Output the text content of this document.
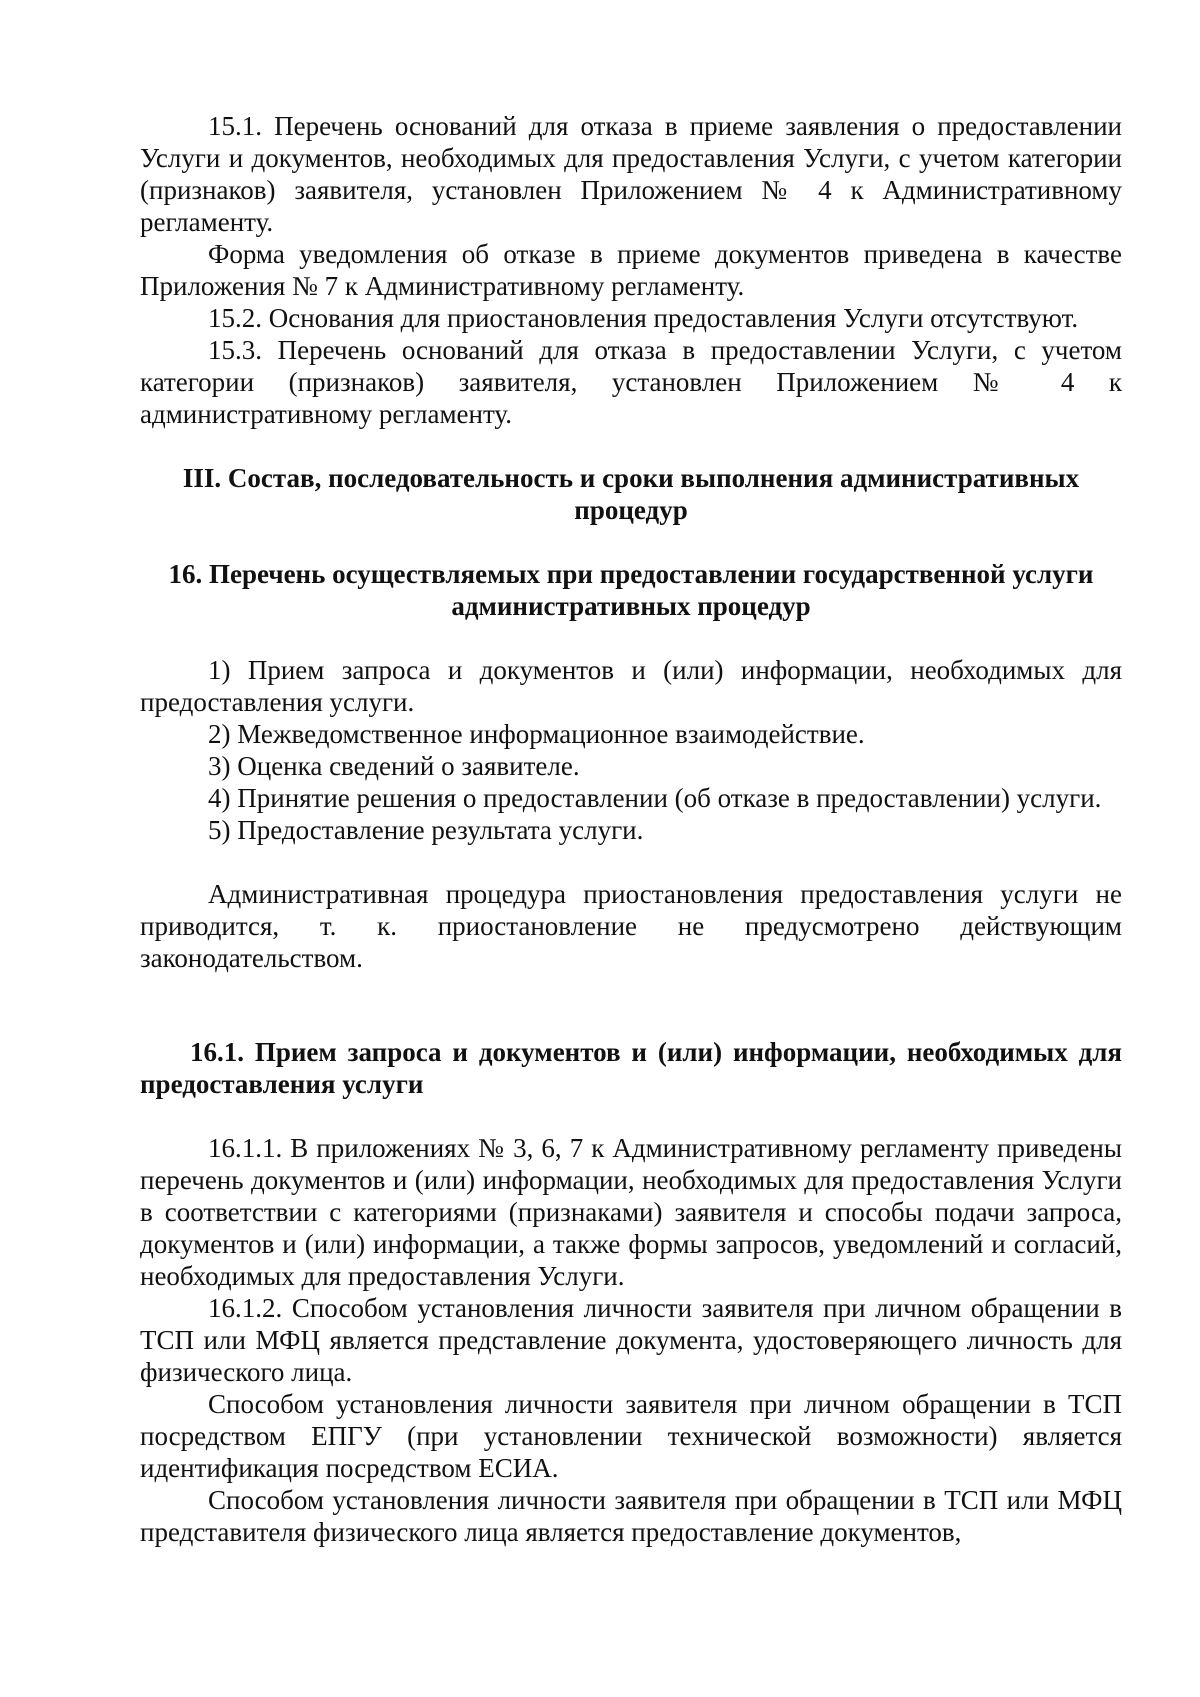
15.1. Перечень оснований для отказа в приеме заявления о предоставлении Услуги и документов, необходимых для предоставления Услуги, с учетом категории (признаков) заявителя, установлен Приложением № 4 к Административному регламенту.

Форма уведомления об отказе в приеме документов приведена в качестве Приложения № 7 к Административному регламенту.

15.2. Основания для приостановления предоставления Услуги отсутствуют.

15.3. Перечень оснований для отказа в предоставлении Услуги, с учетом категории (признаков) заявителя, установлен Приложением № 4 к административному регламенту.

III. Состав, последовательность и сроки выполнения административных процедур
16. Перечень осуществляемых при предоставлении государственной услуги административных процедур

1) Прием запроса и документов и (или) информации, необходимых для предоставления услуги.

2) Межведомственное информационное взаимодействие.

3) Оценка сведений о заявителе.

4) Принятие решения о предоставлении (об отказе в предоставлении) услуги.

5) Предоставление результата услуги.

Административная процедура приостановления предоставления услуги не приводится, т. к. приостановление не предусмотрено действующим законодательством.

16.1. Прием запроса и документов и (или) информации, необходимых для предоставления услуги

16.1.1. В приложениях № 3, 6, 7 к Административному регламенту приведены перечень документов и (или) информации, необходимых для предоставления Услуги в соответствии с категориями (признаками) заявителя и способы подачи запроса, документов и (или) информации, а также формы запросов, уведомлений и согласий, необходимых для предоставления Услуги.

16.1.2. Способом установления личности заявителя при личном обращении в ТСП или МФЦ является представление документа, удостоверяющего личность для физического лица.

Способом установления личности заявителя при личном обращении в ТСП посредством ЕПГУ (при установлении технической возможности) является идентификация посредством ЕСИА.

Способом установления личности заявителя при обращении в ТСП или МФЦ представителя физического лица является предоставление документов,
